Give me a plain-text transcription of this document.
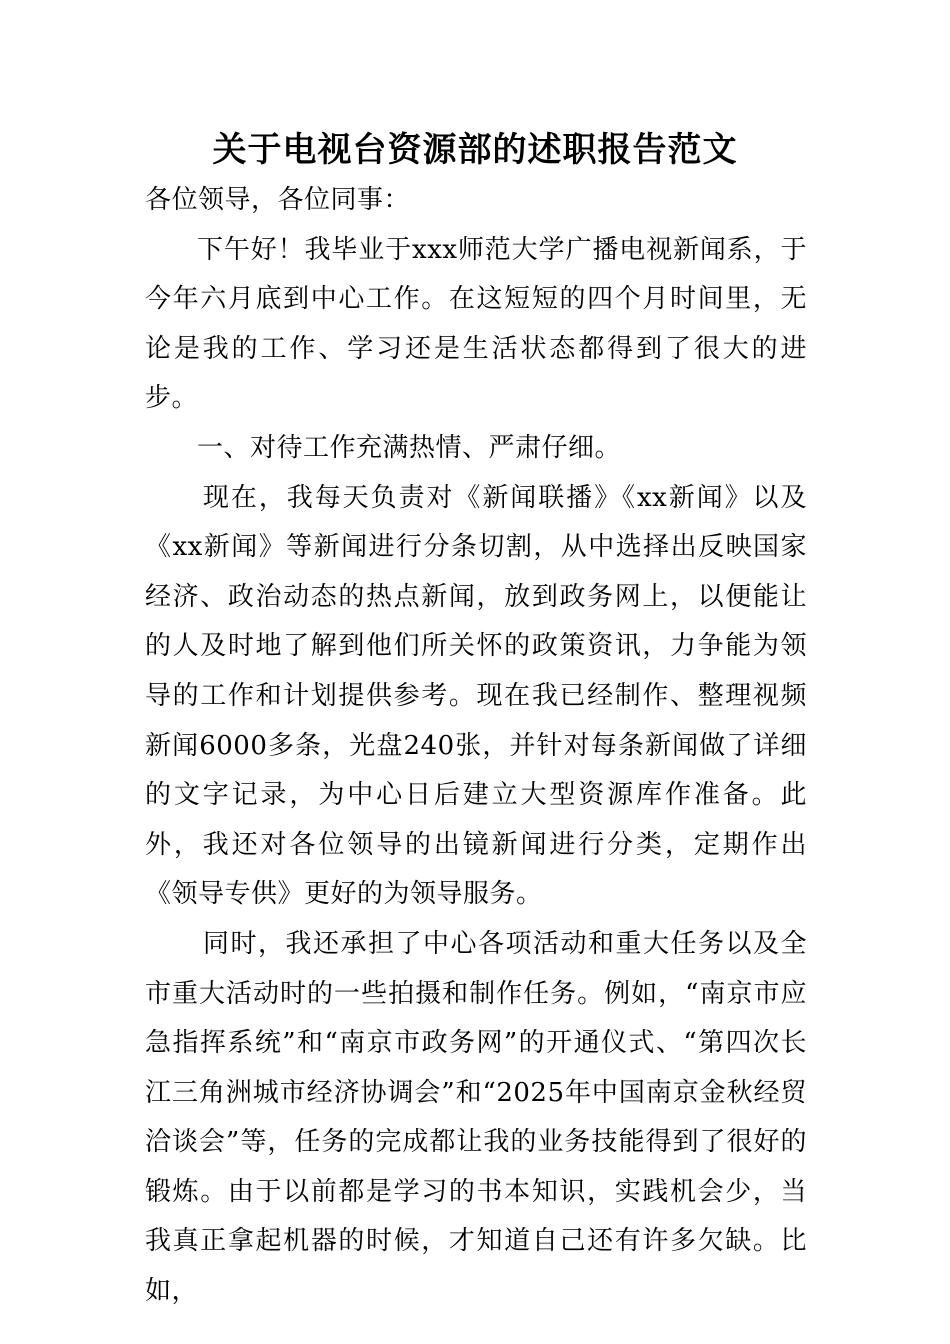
关于电视台资源部的述职报告范文

各位领导，各位同事：

下午好！我毕业于xxx师范大学广播电视新闻系，于今年六月底到中心工作。在这短短的四个月时间里，无论是我的工作、学习还是生活状态都得到了很大的进步。

一、对待工作充满热情、严肃仔细。

现在，我每天负责对《新闻联播》《xx新闻》以及《xx新闻》等新闻进行分条切割，从中选择出反映国家经济、政治动态的热点新闻，放到政务网上，以便能让的人及时地了解到他们所关怀的政策资讯，力争能为领导的工作和计划提供参考。现在我已经制作、整理视频新闻6000多条，光盘240张，并针对每条新闻做了详细的文字记录，为中心日后建立大型资源库作准备。此外，我还对各位领导的出镜新闻进行分类，定期作出《领导专供》更好的为领导服务。

同时，我还承担了中心各项活动和重大任务以及全市重大活动时的一些拍摄和制作任务。例如，“南京市应急指挥系统”和“南京市政务网”的开通仪式、“第四次长江三角洲城市经济协调会”和“2025年中国南京金秋经贸洽谈会”等，任务的完成都让我的业务技能得到了很好的锻炼。由于以前都是学习的书本知识，实践机会少，当我真正拿起机器的时候，才知道自己还有许多欠缺。比如，
